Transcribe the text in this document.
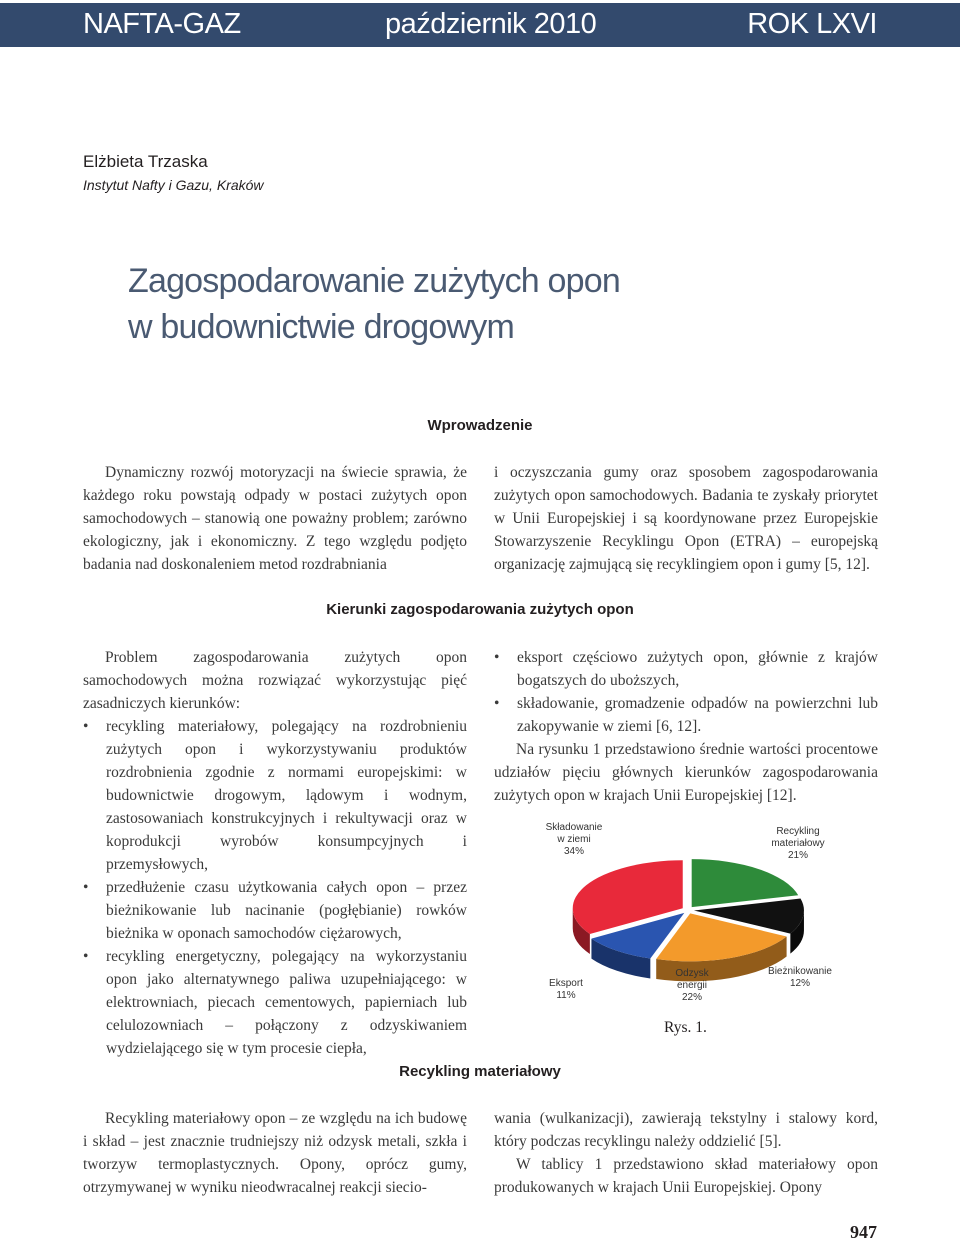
NAFTA-GAZ	październik 2010	ROK LXVI
Elżbieta Trzaska
Instytut Nafty i Gazu, Kraków
Zagospodarowanie zużytych opon
w budownictwie drogowym
Wprowadzenie

Dynamiczny rozwój motoryzacji na świecie sprawia, że każdego roku powstają odpady w postaci zużytych opon samochodowych – stanowią one poważny problem; zarówno ekologiczny, jak i ekonomiczny. Z tego względu podjęto badania nad doskonaleniem metod rozdrabniania

i oczyszczania gumy oraz sposobem zagospodarowania zużytych opon samochodowych. Badania te zyskały priorytet w Unii Europejskiej i są koordynowane przez Europejskie Stowarzyszenie Recyklingu Opon (ETRA) – europejską organizację zajmującą się recyklingiem opon i gumy [5, 12].

Kierunki zagospodarowania zużytych opon

Problem zagospodarowania zużytych opon samochodowych można rozwiązać wykorzystując pięć zasadniczych kierunków:

• recykling materiałowy, polegający na rozdrobnieniu zużytych opon i wykorzystywaniu produktów rozdrobnienia zgodnie z normami europejskimi: w budownictwie drogowym, lądowym i wodnym, zastosowaniach konstrukcyjnych i rekultywacji oraz w koprodukcji wyrobów konsumpcyjnych i przemysłowych,
• przedłużenie czasu użytkowania całych opon – przez bieżnikowanie lub nacinanie (pogłębianie) rowków bieżnika w oponach samochodów ciężarowych,
• recykling energetyczny, polegający na wykorzystaniu opon jako alternatywnego paliwa uzupełniającego: w elektrowniach, piecach cementowych, papierniach lub celulozowniach – połączony z odzyskiwaniem wydzielającego się w tym procesie ciepła,
• eksport częściowo zużytych opon, głównie z krajów bogatszych do uboższych,
• składowanie, gromadzenie odpadów na powierzchni lub zakopywanie w ziemi [6, 12].

Na rysunku 1 przedstawiono średnie wartości procentowe udziałów pięciu głównych kierunków zagospodarowania zużytych opon w krajach Unii Europejskiej [12].

Recykling materiałowy 21%
Bieżnikowanie 12%
Odzysk energii 22%
Eksport 11%
Składowanie w ziemi 34%
Rys. 1.
Recykling materiałowy

Recykling materiałowy opon – ze względu na ich budowę i skład – jest znacznie trudniejszy niż odzysk metali, szkła i tworzyw termoplastycznych. Opony, oprócz gumy, otrzymywanej w wyniku nieodwracalnej reakcji siecio-

wania (wulkanizacji), zawierają tekstylny i stalowy kord, który podczas recyklingu należy oddzielić [5].

W tablicy 1 przedstawiono skład materiałowy opon produkowanych w krajach Unii Europejskiej. Opony

947
